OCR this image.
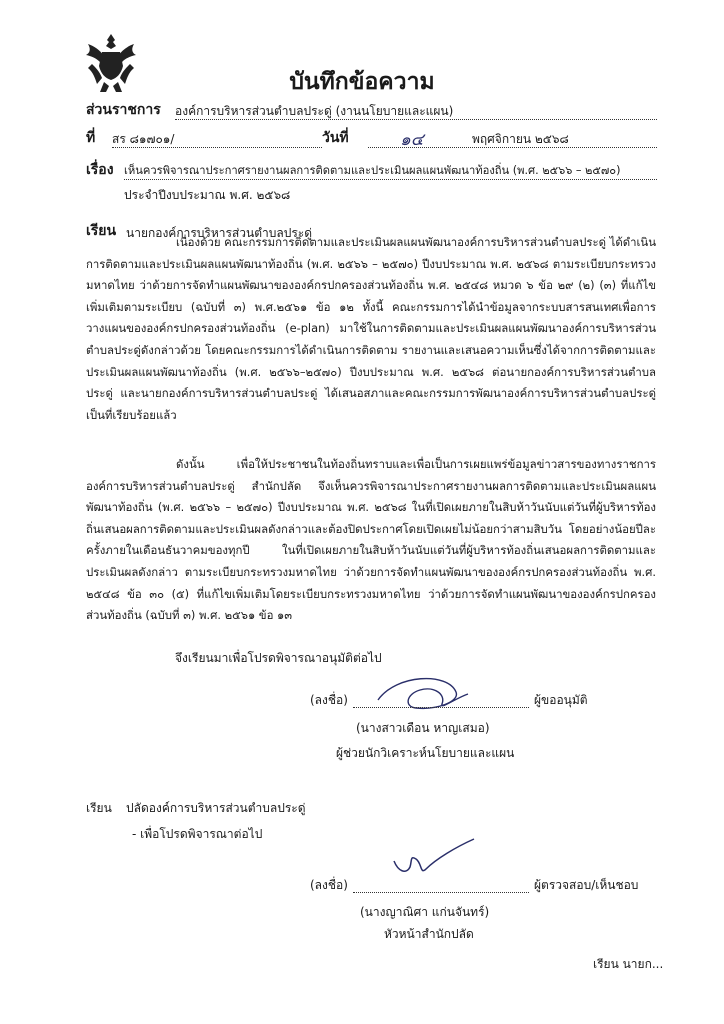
บันทึกข้อความ
ส่วนราชการ องค์การบริหารส่วนตำบลประดู่ (งานนโยบายและแผน)
ที่ สร ๘๑๗๐๑/	วันที่	๑๔	พฤศจิกายน ๒๕๖๘
เรื่อง เห็นควรพิจารณาประกาศรายงานผลการติดตามและประเมินผลแผนพัฒนาท้องถิ่น (พ.ศ. ๒๕๖๖ – ๒๕๗๐)
ประจำปีงบประมาณ พ.ศ. ๒๕๖๘
เรียน นายกองค์การบริหารส่วนตำบลประดู่
เนื่องด้วย คณะกรรมการติดตามและประเมินผลแผนพัฒนาองค์การบริหารส่วนตำบลประดู่ ได้ดำเนินการติดตามและประเมินผลแผนพัฒนาท้องถิ่น (พ.ศ. ๒๕๖๖ – ๒๕๗๐) ปีงบประมาณ พ.ศ. ๒๕๖๘ ตามระเบียบกระทรวงมหาดไทย ว่าด้วยการจัดทำแผนพัฒนาขององค์กรปกครองส่วนท้องถิ่น พ.ศ. ๒๕๔๘ หมวด ๖ ข้อ ๒๙ (๒) (๓) ที่แก้ไขเพิ่มเติมตามระเบียบ (ฉบับที่ ๓) พ.ศ.๒๕๖๑ ข้อ ๑๒ ทั้งนี้ คณะกรรมการได้นำข้อมูลจากระบบสารสนเทศเพื่อการวางแผนขององค์กรปกครองส่วนท้องถิ่น (e-plan) มาใช้ในการติดตามและประเมินผลแผนพัฒนาองค์การบริหารส่วนตำบลประดู่ดังกล่าวด้วย โดยคณะกรรมการได้ดำเนินการติดตาม รายงานและเสนอความเห็นซึ่งได้จากการติดตามและประเมินผลแผนพัฒนาท้องถิ่น (พ.ศ. ๒๕๖๖–๒๕๗๐) ปีงบประมาณ พ.ศ. ๒๕๖๘ ต่อนายกองค์การบริหารส่วนตำบลประดู่ และนายกองค์การบริหารส่วนตำบลประดู่ ได้เสนอสภาและคณะกรรมการพัฒนาองค์การบริหารส่วนตำบลประดู่ เป็นที่เรียบร้อยแล้ว
ดังนั้น เพื่อให้ประชาชนในท้องถิ่นทราบและเพื่อเป็นการเผยแพร่ข้อมูลข่าวสารของทางราชการ องค์การบริหารส่วนตำบลประดู่ สำนักปลัด จึงเห็นควรพิจารณาประกาศรายงานผลการติดตามและประเมินผลแผนพัฒนาท้องถิ่น (พ.ศ. ๒๕๖๖ – ๒๕๗๐) ปีงบประมาณ พ.ศ. ๒๕๖๘ ในที่เปิดเผยภายในสิบห้าวันนับแต่วันที่ผู้บริหารท้องถิ่นเสนอผลการติดตามและประเมินผลดังกล่าวและต้องปิดประกาศโดยเปิดเผยไม่น้อยกว่าสามสิบวัน โดยอย่างน้อยปีละครั้งภายในเดือนธันวาคมของทุกปี ในที่เปิดเผยภายในสิบห้าวันนับแต่วันที่ผู้บริหารท้องถิ่นเสนอผลการติดตามและประเมินผลดังกล่าว ตามระเบียบกระทรวงมหาดไทย ว่าด้วยการจัดทำแผนพัฒนาขององค์กรปกครองส่วนท้องถิ่น พ.ศ. ๒๕๔๘ ข้อ ๓๐ (๕) ที่แก้ไขเพิ่มเติมโดยระเบียบกระทรวงมหาดไทย ว่าด้วยการจัดทำแผนพัฒนาขององค์กรปกครองส่วนท้องถิ่น (ฉบับที่ ๓) พ.ศ. ๒๕๖๑ ข้อ ๑๓
จึงเรียนมาเพื่อโปรดพิจารณาอนุมัติต่อไป
(ลงชื่อ)	ผู้ขออนุมัติ
(นางสาวเดือน หาญเสมอ)
ผู้ช่วยนักวิเคราะห์นโยบายและแผน
เรียน ปลัดองค์การบริหารส่วนตำบลประดู่
- เพื่อโปรดพิจารณาต่อไป
(ลงชื่อ)	ผู้ตรวจสอบ/เห็นชอบ
(นางญาณิศา แก่นจันทร์)
หัวหน้าสำนักปลัด
เรียน นายก...
